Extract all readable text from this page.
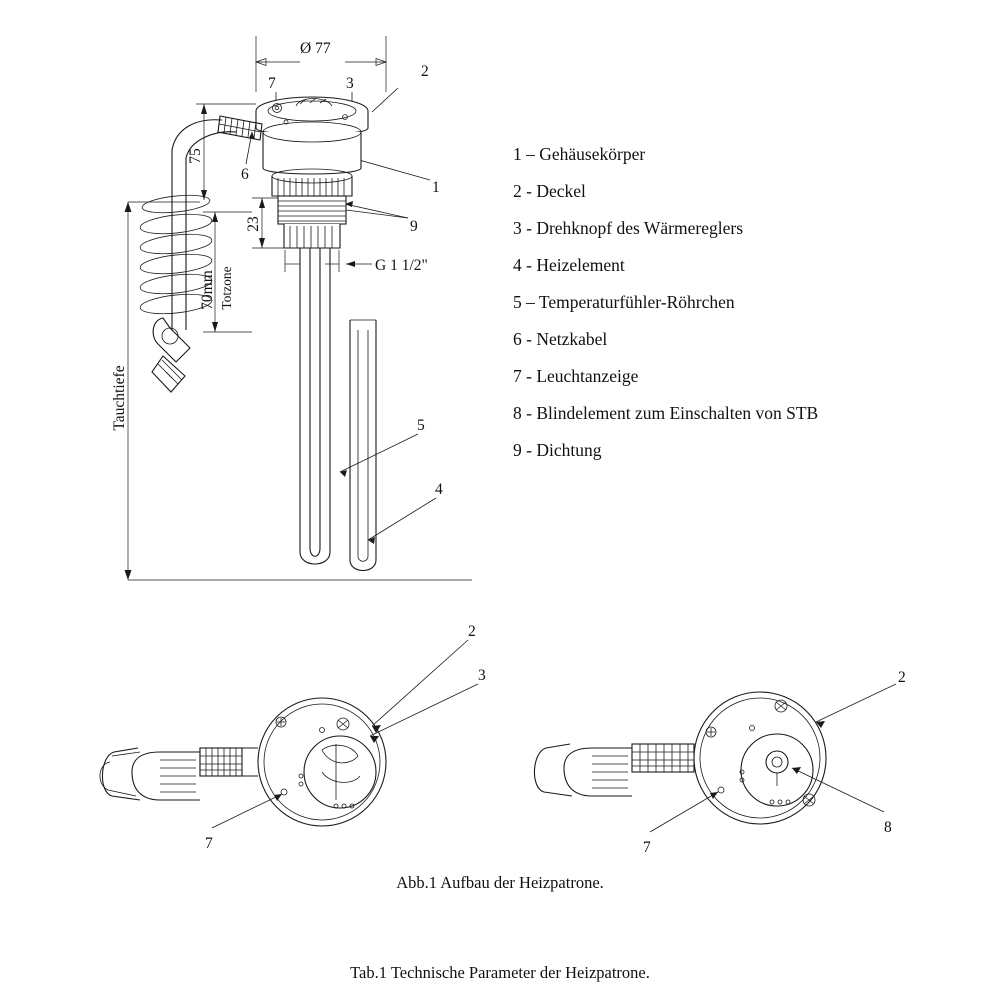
Ø 77
7	3
2
6
1
9
5
4
G 1 1/2"
Tauchtiefe
70mm Totzone
75
23
2
3
7
2
8
7
1 – Gehäusekörper
2 - Deckel
3 - Drehknopf des Wärmereglers
4 - Heizelement
5 – Temperaturfühler-Röhrchen
6 - Netzkabel
7 - Leuchtanzeige
8 - Blindelement zum Einschalten von STB
9 - Dichtung
Abb.1 Aufbau der Heizpatrone.
Tab.1 Technische Parameter der Heizpatrone.
